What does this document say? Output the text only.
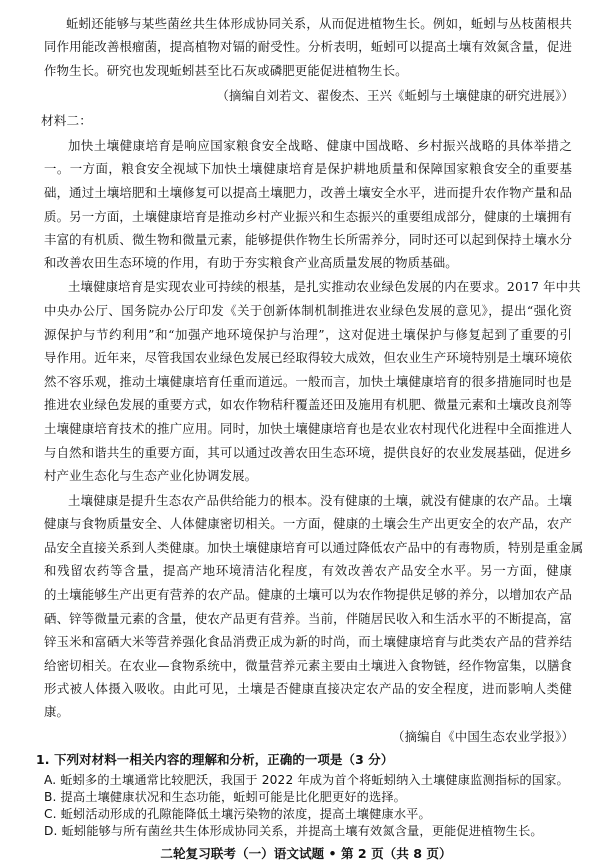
蚯蚓还能够与某些菌丝共生体形成协同关系，从而促进植物生长。例如，蚯蚓与丛枝菌根共
同作用能改善根瘤菌，提高植物对镉的耐受性。分析表明，蚯蚓可以提高土壤有效氮含量，促进
作物生长。研究也发现蚯蚓甚至比石灰或磷肥更能促进植物生长。
（摘编自刘若文、翟俊杰、王兴《蚯蚓与土壤健康的研究进展》）
材料二：
加快土壤健康培育是响应国家粮食安全战略、健康中国战略、乡村振兴战略的具体举措之
一。一方面，粮食安全视域下加快土壤健康培育是保护耕地质量和保障国家粮食安全的重要基
础，通过土壤培肥和土壤修复可以提高土壤肥力，改善土壤安全水平，进而提升农作物产量和品
质。另一方面，土壤健康培育是推动乡村产业振兴和生态振兴的重要组成部分，健康的土壤拥有
丰富的有机质、微生物和微量元素，能够提供作物生长所需养分，同时还可以起到保持土壤水分
和改善农田生态环境的作用，有助于夯实粮食产业高质量发展的物质基础。
土壤健康培育是实现农业可持续的根基，是扎实推动农业绿色发展的内在要求。2017 年中共
中央办公厅、国务院办公厅印发《关于创新体制机制推进农业绿色发展的意见》，提出“强化资
源保护与节约利用”和“加强产地环境保护与治理”，这对促进土壤保护与修复起到了重要的引
导作用。近年来，尽管我国农业绿色发展已经取得较大成效，但农业生产环境特别是土壤环境依
然不容乐观，推动土壤健康培育任重而道远。一般而言，加快土壤健康培育的很多措施同时也是
推进农业绿色发展的重要方式，如农作物秸秆覆盖还田及施用有机肥、微量元素和土壤改良剂等
土壤健康培育技术的推广应用。同时，加快土壤健康培育也是农业农村现代化进程中全面推进人
与自然和谐共生的重要方面，其可以通过改善农田生态环境，提供良好的农业发展基础，促进乡
村产业生态化与生态产业化协调发展。
土壤健康是提升生态农产品供给能力的根本。没有健康的土壤，就没有健康的农产品。土壤
健康与食物质量安全、人体健康密切相关。一方面，健康的土壤会生产出更安全的农产品，农产
品安全直接关系到人类健康。加快土壤健康培育可以通过降低农产品中的有毒物质，特别是重金属
和残留农药等含量，提高产地环境清洁化程度，有效改善农产品安全水平。另一方面，健康
的土壤能够生产出更有营养的农产品。健康的土壤可以为农作物提供足够的养分，以增加农产品
硒、锌等微量元素的含量，使农产品更有营养。当前，伴随居民收入和生活水平的不断提高，富
锌玉米和富硒大米等营养强化食品消费正成为新的时尚，而土壤健康培育与此类农产品的营养结
给密切相关。在农业—食物系统中，微量营养元素主要由土壤进入食物链，经作物富集，以膳食
形式被人体摄入吸收。由此可见，土壤是否健康直接决定农产品的安全程度，进而影响人类健
康。
（摘编自《中国生态农业学报》）
1. 下列对材料一相关内容的理解和分析，正确的一项是（3 分）
A. 蚯蚓多的土壤通常比较肥沃，我国于 2022 年成为首个将蚯蚓纳入土壤健康监测指标的国家。
B. 提高土壤健康状况和生态功能，蚯蚓可能是比化肥更好的选择。
C. 蚯蚓活动形成的孔隙能降低土壤污染物的浓度，提高土壤健康水平。
D. 蚯蚓能够与所有菌丝共生体形成协同关系，并提高土壤有效氮含量，更能促进植物生长。
二轮复习联考（一）语文试题 • 第 2 页（共 8 页）
